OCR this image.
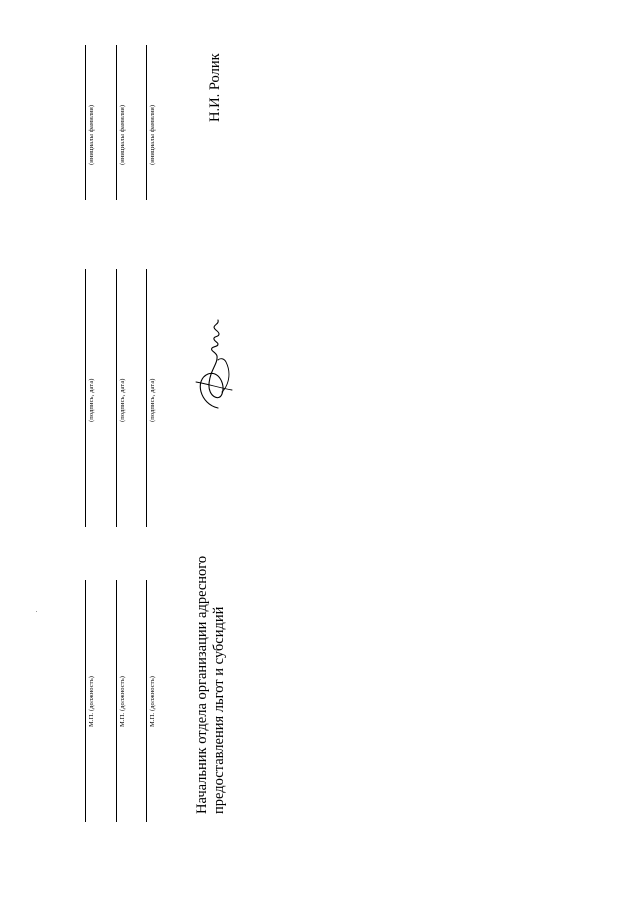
М.П. (должность)
(подпись, дата)
(инициалы фамилия)
М.П. (должность)
(подпись, дата)
(инициалы фамилия)
М.П. (должность)
(подпись, дата)
(инициалы фамилия)
Начальник отдела организации адресного предоставления льгот и субсидий
Н.И. Ролик
